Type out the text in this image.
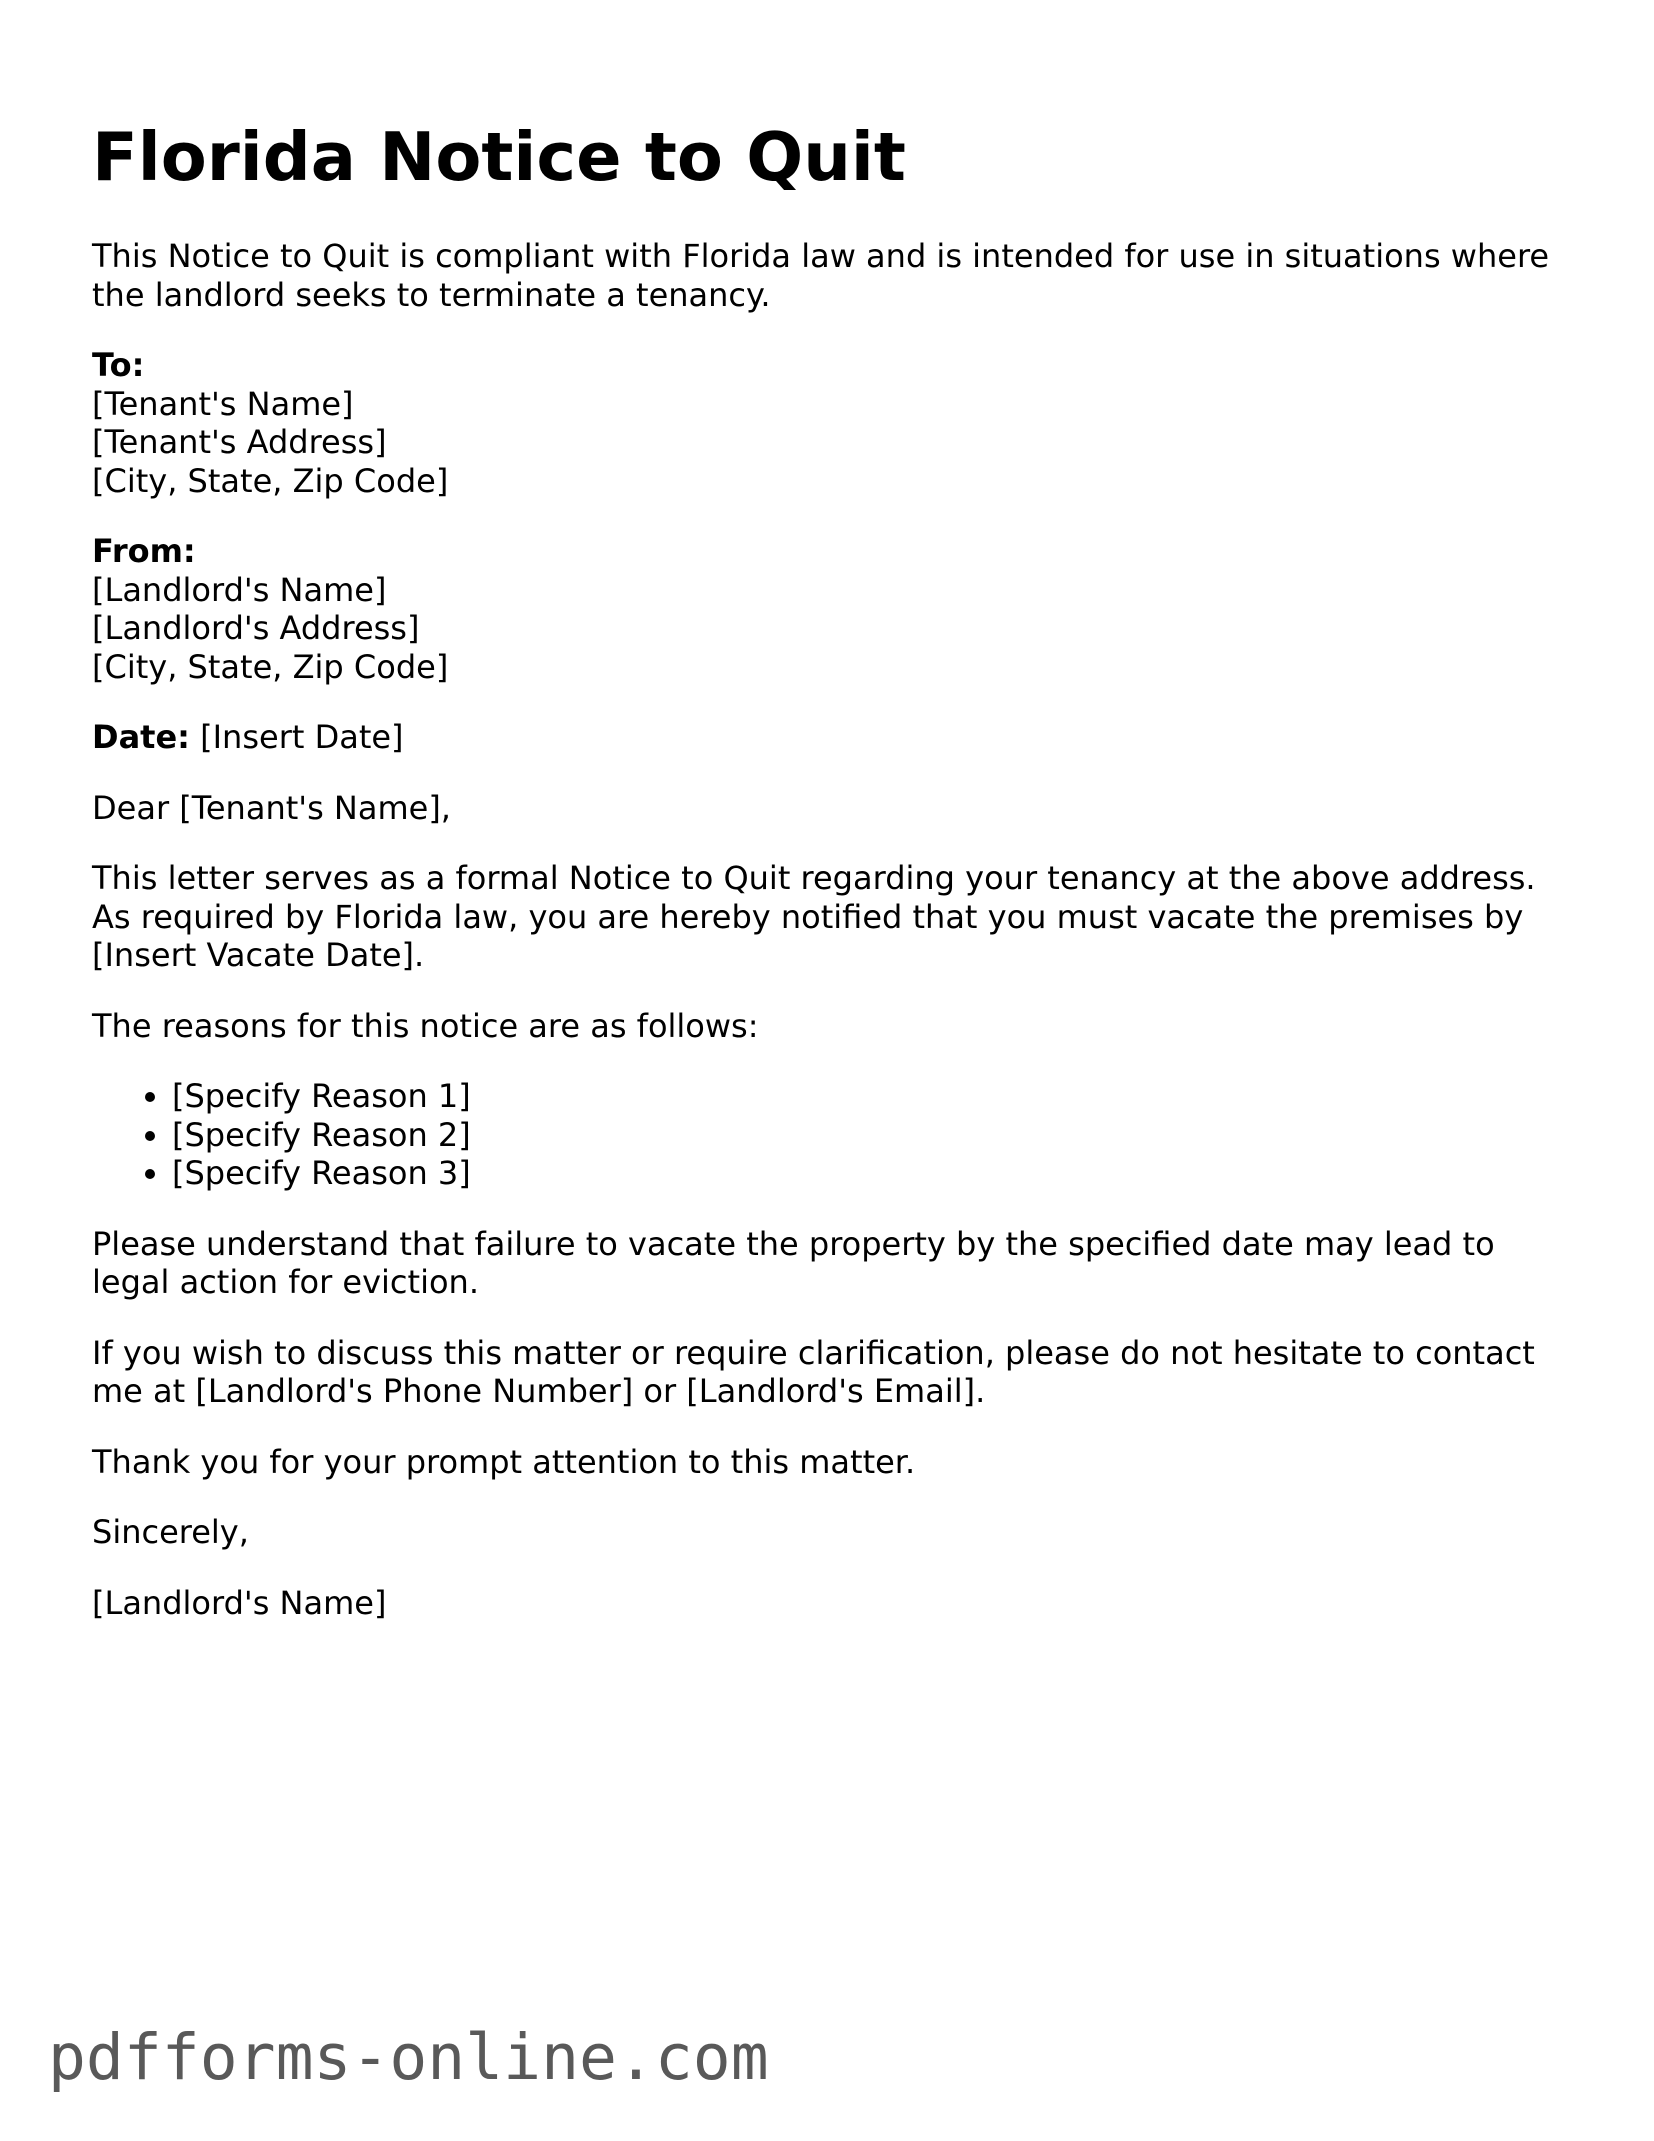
Florida Notice to Quit

This Notice to Quit is compliant with Florida law and is intended for use in situations where the landlord seeks to terminate a tenancy.

To:
[Tenant's Name]
[Tenant's Address]
[City, State, Zip Code]
From:
[Landlord's Name]
[Landlord's Address]
[City, State, Zip Code]

Date: [Insert Date]

Dear [Tenant's Name],

This letter serves as a formal Notice to Quit regarding your tenancy at the above address. As required by Florida law, you are hereby notified that you must vacate the premises by [Insert Vacate Date].

The reasons for this notice are as follows:

• [Specify Reason 1]
• [Specify Reason 2]
• [Specify Reason 3]

Please understand that failure to vacate the property by the specified date may lead to legal action for eviction.

If you wish to discuss this matter or require clarification, please do not hesitate to contact me at [Landlord's Phone Number] or [Landlord's Email].

Thank you for your prompt attention to this matter.

Sincerely,

[Landlord's Name]

pdfforms-online.com
